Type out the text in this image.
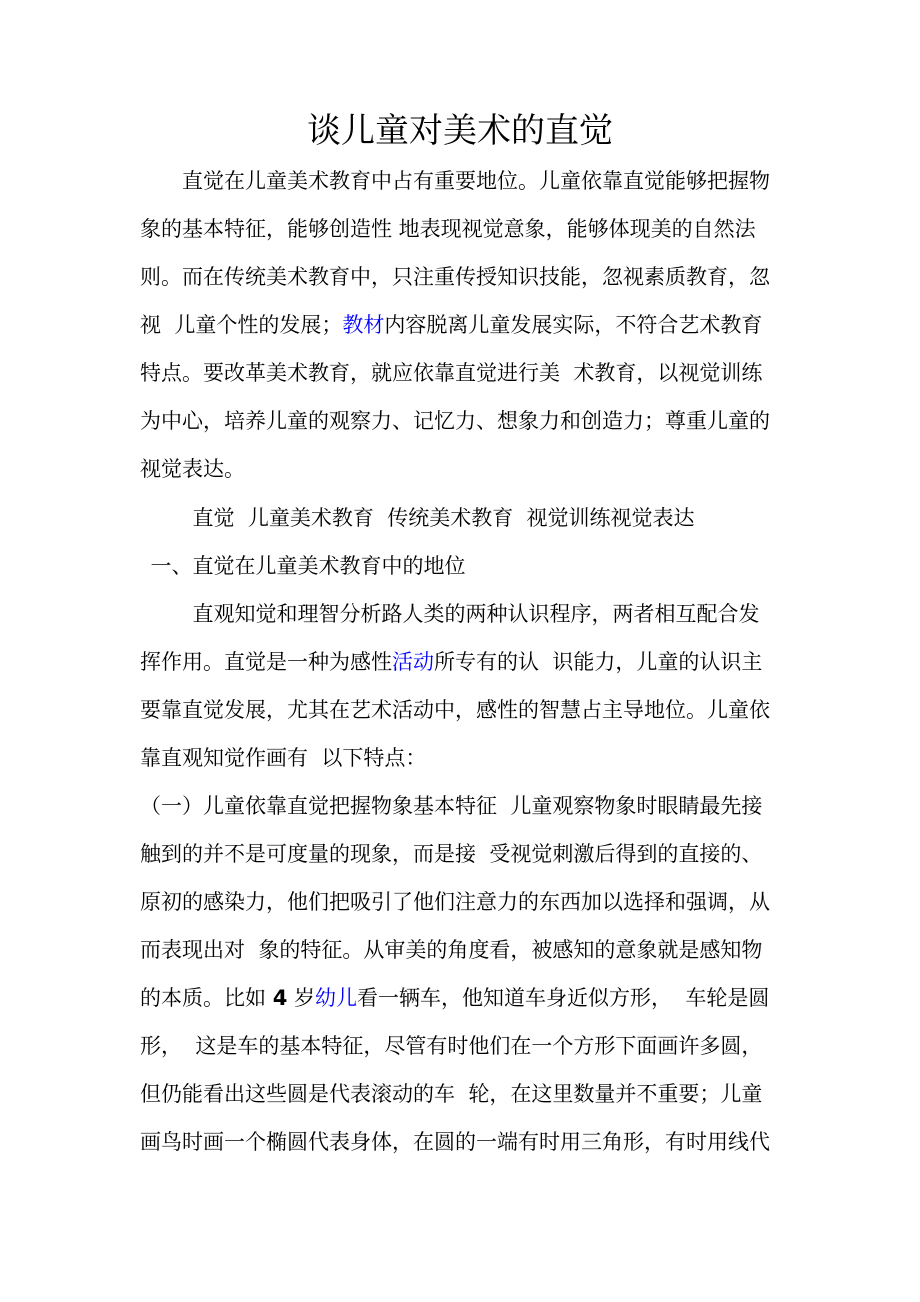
谈儿童对美术的直觉
直觉在儿童美术教育中占有重要地位。儿童依靠直觉能够把握物
象的基本特征，能够创造性 地表现视觉意象，能够体现美的自然法
则。而在传统美术教育中，只注重传授知识技能，忽视素质教育，忽
视  儿童个性的发展；教材内容脱离儿童发展实际，不符合艺术教育
特点。要改革美术教育，就应依靠直觉进行美  术教育，以视觉训练
为中心，培养儿童的观察力、记忆力、想象力和创造力；尊重儿童的
视觉表达。
直觉  儿童美术教育  传统美术教育  视觉训练视觉表达
一、直觉在儿童美术教育中的地位
直观知觉和理智分析路人类的两种认识程序，两者相互配合发
挥作用。直觉是一种为感性活动所专有的认  识能力，儿童的认识主
要靠直觉发展，尤其在艺术活动中，感性的智慧占主导地位。儿童依
靠直观知觉作画有  以下特点：
（一）儿童依靠直觉把握物象基本特征  儿童观察物象时眼睛最先接
触到的并不是可度量的现象，而是接  受视觉刺激后得到的直接的、
原初的感染力，他们把吸引了他们注意力的东西加以选择和强调，从
而表现出对  象的特征。从审美的角度看，被感知的意象就是感知物
的本质。比如 4 岁幼儿看一辆车，他知道车身近似方形，  车轮是圆
形，  这是车的基本特征，尽管有时他们在一个方形下面画许多圆，
但仍能看出这些圆是代表滚动的车  轮，在这里数量并不重要；儿童
画鸟时画一个椭圆代表身体，在圆的一端有时用三角形，有时用线代
